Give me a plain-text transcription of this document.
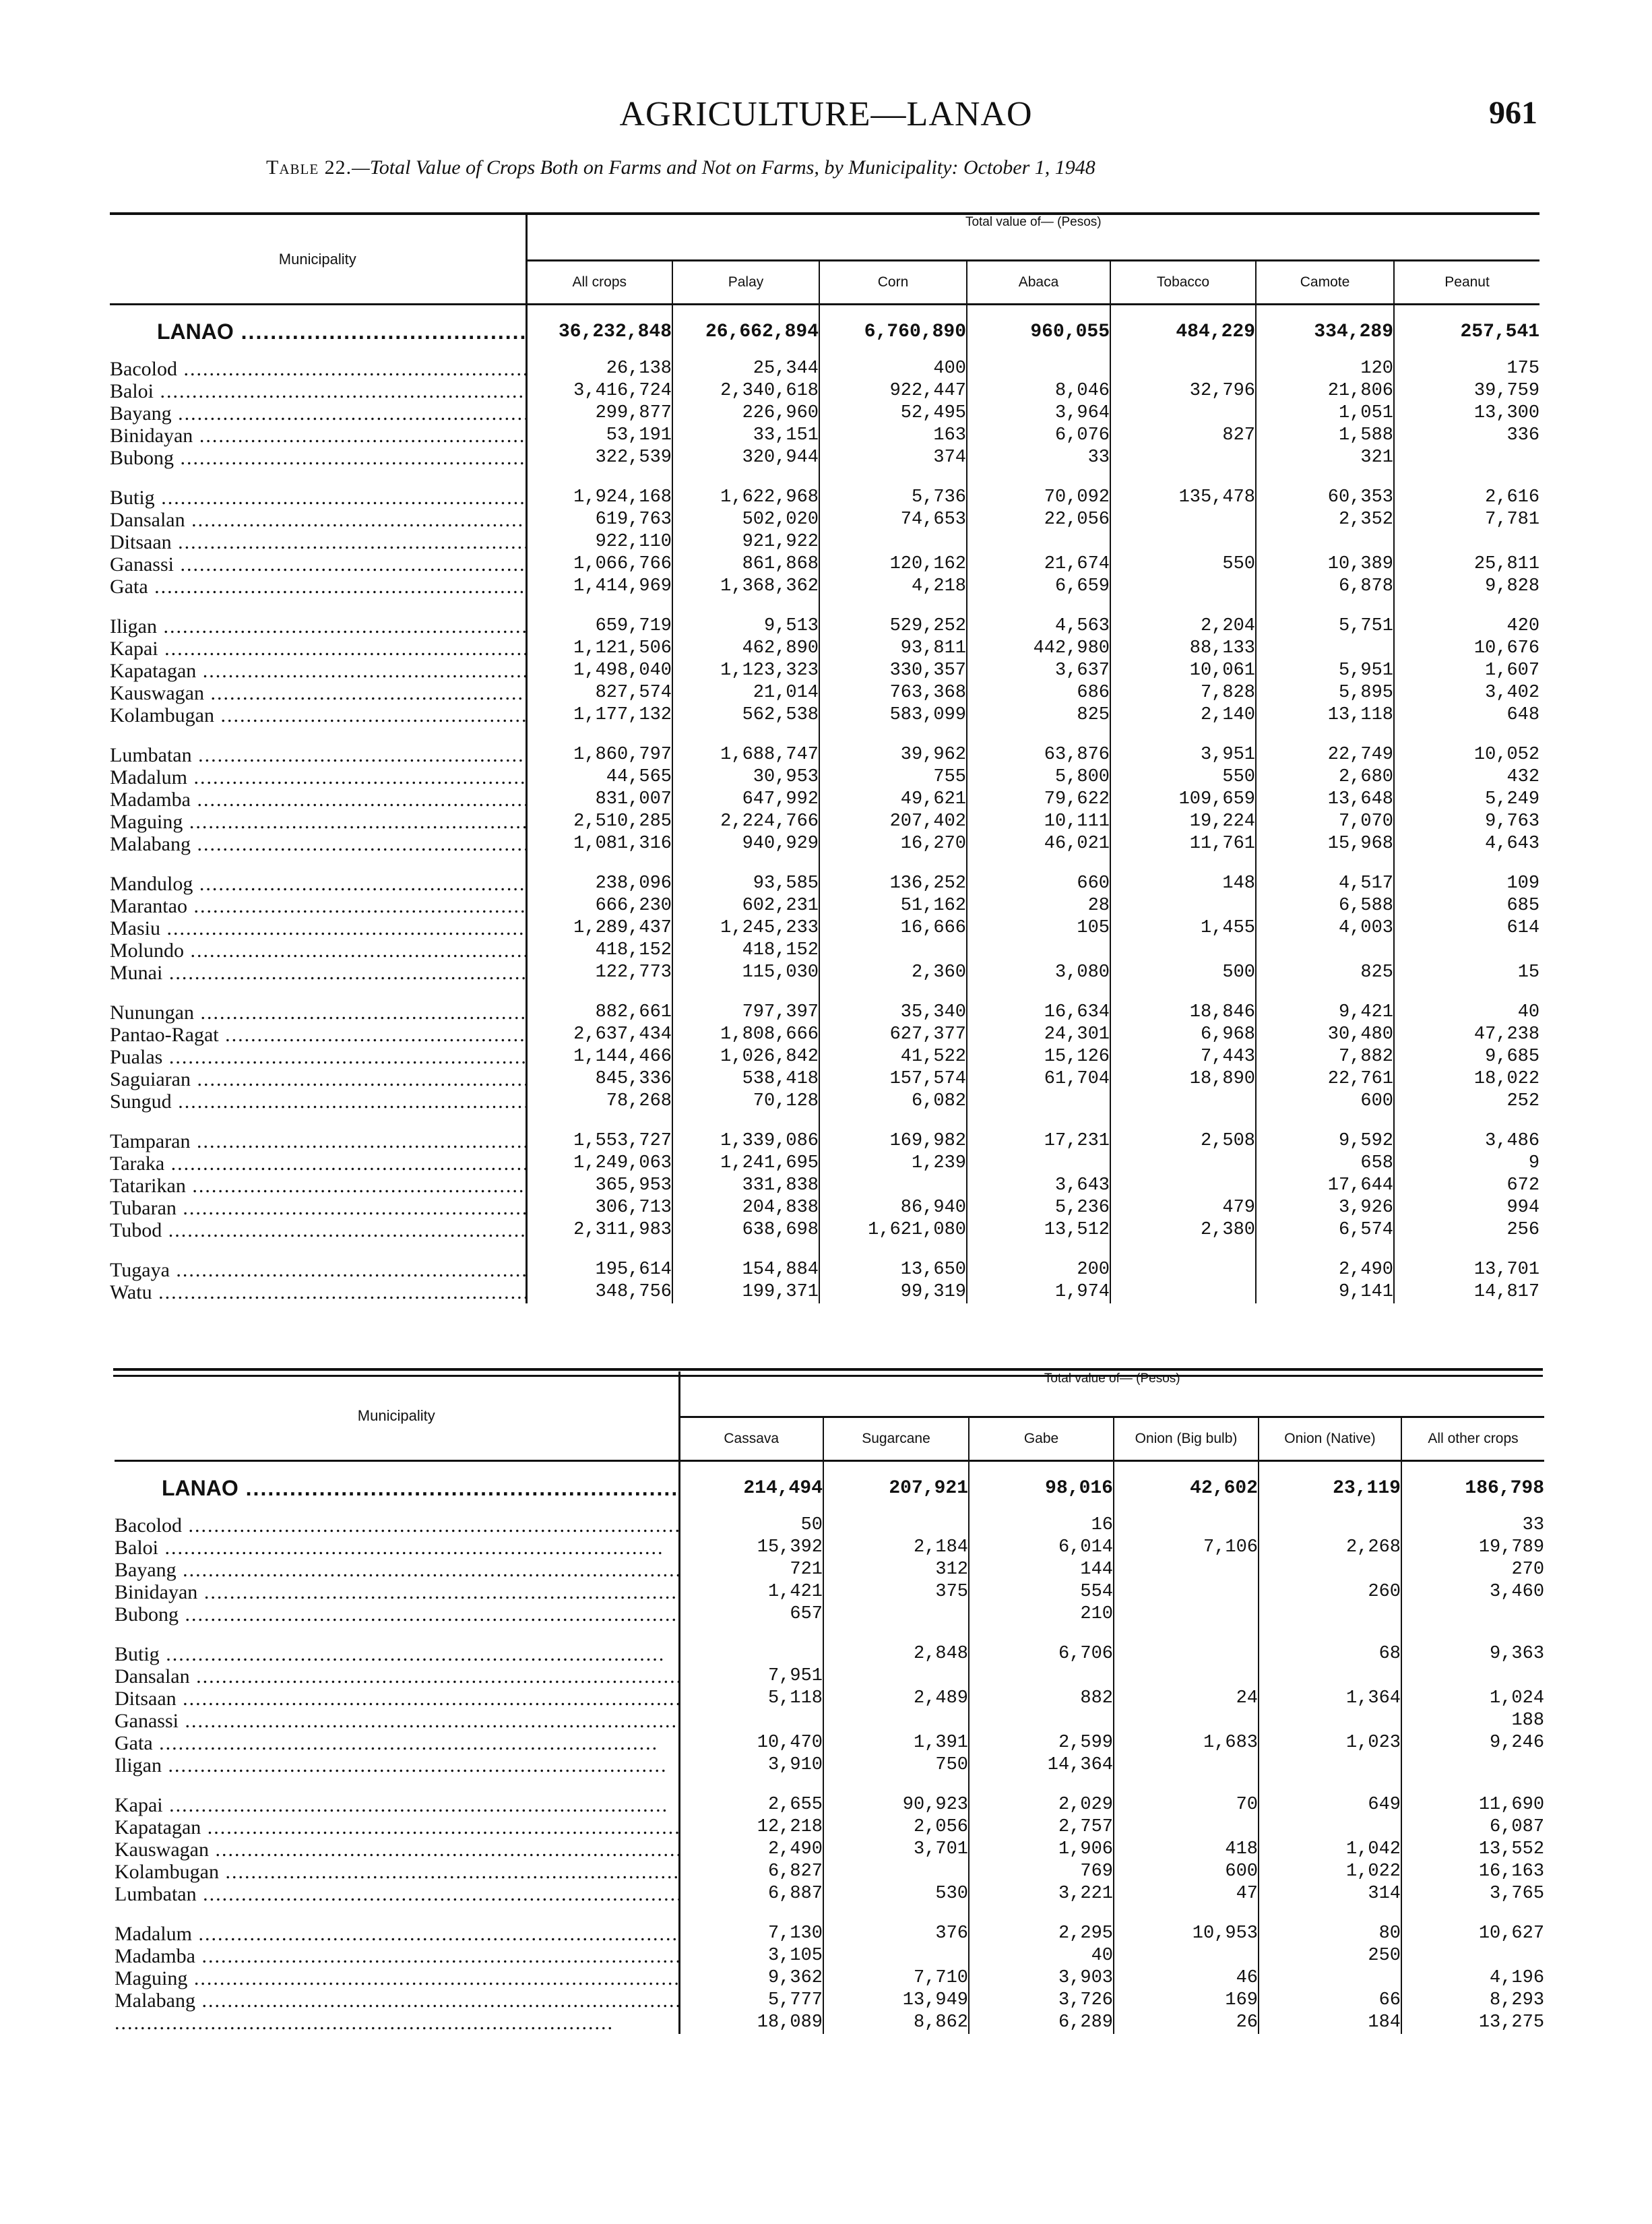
AGRICULTURE—LANAO	961
Table 22.—Total Value of Crops Both on Farms and Not on Farms, by Municipality: October 1, 1948
Municipality	Total value of— (Pesos)						
	All crops	Palay	Corn	Abaca	Tobacco	Camote	Peanut
LANAO .....	36,232,848	26,662,894	6,760,890	960,055	484,229	334,289	257,541
Bacolod .....	26,138	25,344	400			120	175
Baloi .....	3,416,724	2,340,618	922,447	8,046	32,796	21,806	39,759
Bayang .....	299,877	226,960	52,495	3,964		1,051	13,300
Binidayan .....	53,191	33,151	163	6,076	827	1,588	336
Bubong .....	322,539	320,944	374	33		321	

Butig .....	1,924,168	1,622,968	5,736	70,092	135,478	60,353	2,616
Dansalan .....	619,763	502,020	74,653	22,056		2,352	7,781
Ditsaan .....	922,110	921,922					
Ganassi .....	1,066,766	861,868	120,162	21,674	550	10,389	25,811
Gata .....	1,414,969	1,368,362	4,218	6,659		6,878	9,828

Iligan .....	659,719	9,513	529,252	4,563	2,204	5,751	420
Kapai .....	1,121,506	462,890	93,811	442,980	88,133		10,676
Kapatagan .....	1,498,040	1,123,323	330,357	3,637	10,061	5,951	1,607
Kauswagan .....	827,574	21,014	763,368	686	7,828	5,895	3,402
Kolambugan .....	1,177,132	562,538	583,099	825	2,140	13,118	648

Lumbatan .....	1,860,797	1,688,747	39,962	63,876	3,951	22,749	10,052
Madalum .....	44,565	30,953	755	5,800	550	2,680	432
Madamba .....	831,007	647,992	49,621	79,622	109,659	13,648	5,249
Maguing .....	2,510,285	2,224,766	207,402	10,111	19,224	7,070	9,763
Malabang .....	1,081,316	940,929	16,270	46,021	11,761	15,968	4,643

Mandulog .....	238,096	93,585	136,252	660	148	4,517	109
Marantao .....	666,230	602,231	51,162	28		6,588	685
Masiu .....	1,289,437	1,245,233	16,666	105	1,455	4,003	614
Molundo .....	418,152	418,152					
Munai .....	122,773	115,030	2,360	3,080	500	825	15

Nunungan .....	882,661	797,397	35,340	16,634	18,846	9,421	40
Pantao-Ragat .....	2,637,434	1,808,666	627,377	24,301	6,968	30,480	47,238
Pualas .....	1,144,466	1,026,842	41,522	15,126	7,443	7,882	9,685
Saguiaran .....	845,336	538,418	157,574	61,704	18,890	22,761	18,022
Sungud .....	78,268	70,128	6,082			600	252

Tamparan .....	1,553,727	1,339,086	169,982	17,231	2,508	9,592	3,486
Taraka .....	1,249,063	1,241,695	1,239			658	9
Tatarikan .....	365,953	331,838		3,643		17,644	672
Tubaran .....	306,713	204,838	86,940	5,236	479	3,926	994
Tubod .....	2,311,983	638,698	1,621,080	13,512	2,380	6,574	256

Tugaya .....	195,614	154,884	13,650	200		2,490	13,701
Watu .....	348,756	199,371	99,319	1,974		9,141	14,817
Municipality	Total value of— (Pesos)					
	Cassava	Sugarcane	Gabe	Onion (Big bulb)	Onion (Native)	All other crops
LANAO .....	214,494	207,921	98,016	42,602	23,119	186,798
Bacolod .....	50		16			33
Baloi .....	15,392	2,184	6,014	7,106	2,268	19,789
Bayang .....	721	312	144			270
Binidayan .....	1,421	375	554		260	3,460
Bubong .....	657		210			

Butig .....		2,848	6,706		68	9,363
Dansalan .....	7,951					
Ditsaan .....	5,118	2,489	882	24	1,364	1,024
Ganassi .....						188
Gata .....	10,470	1,391	2,599	1,683	1,023	9,246
Iligan .....	3,910	750	14,364			

Kapai .....	2,655	90,923	2,029	70	649	11,690
Kapatagan .....	12,218	2,056	2,757			6,087
Kauswagan .....	2,490	3,701	1,906	418	1,042	13,552
Kolambugan .....	6,827		769	600	1,022	16,163
Lumbatan .....	6,887	530	3,221	47	314	3,765

Madalum .....	7,130	376	2,295	10,953	80	10,627
Madamba .....	3,105		40		250	
Maguing .....	9,362	7,710	3,903	46		4,196
Malabang .....	5,777	13,949	3,726	169	66	8,293
.....	18,089	8,862	6,289	26	184	13,275
